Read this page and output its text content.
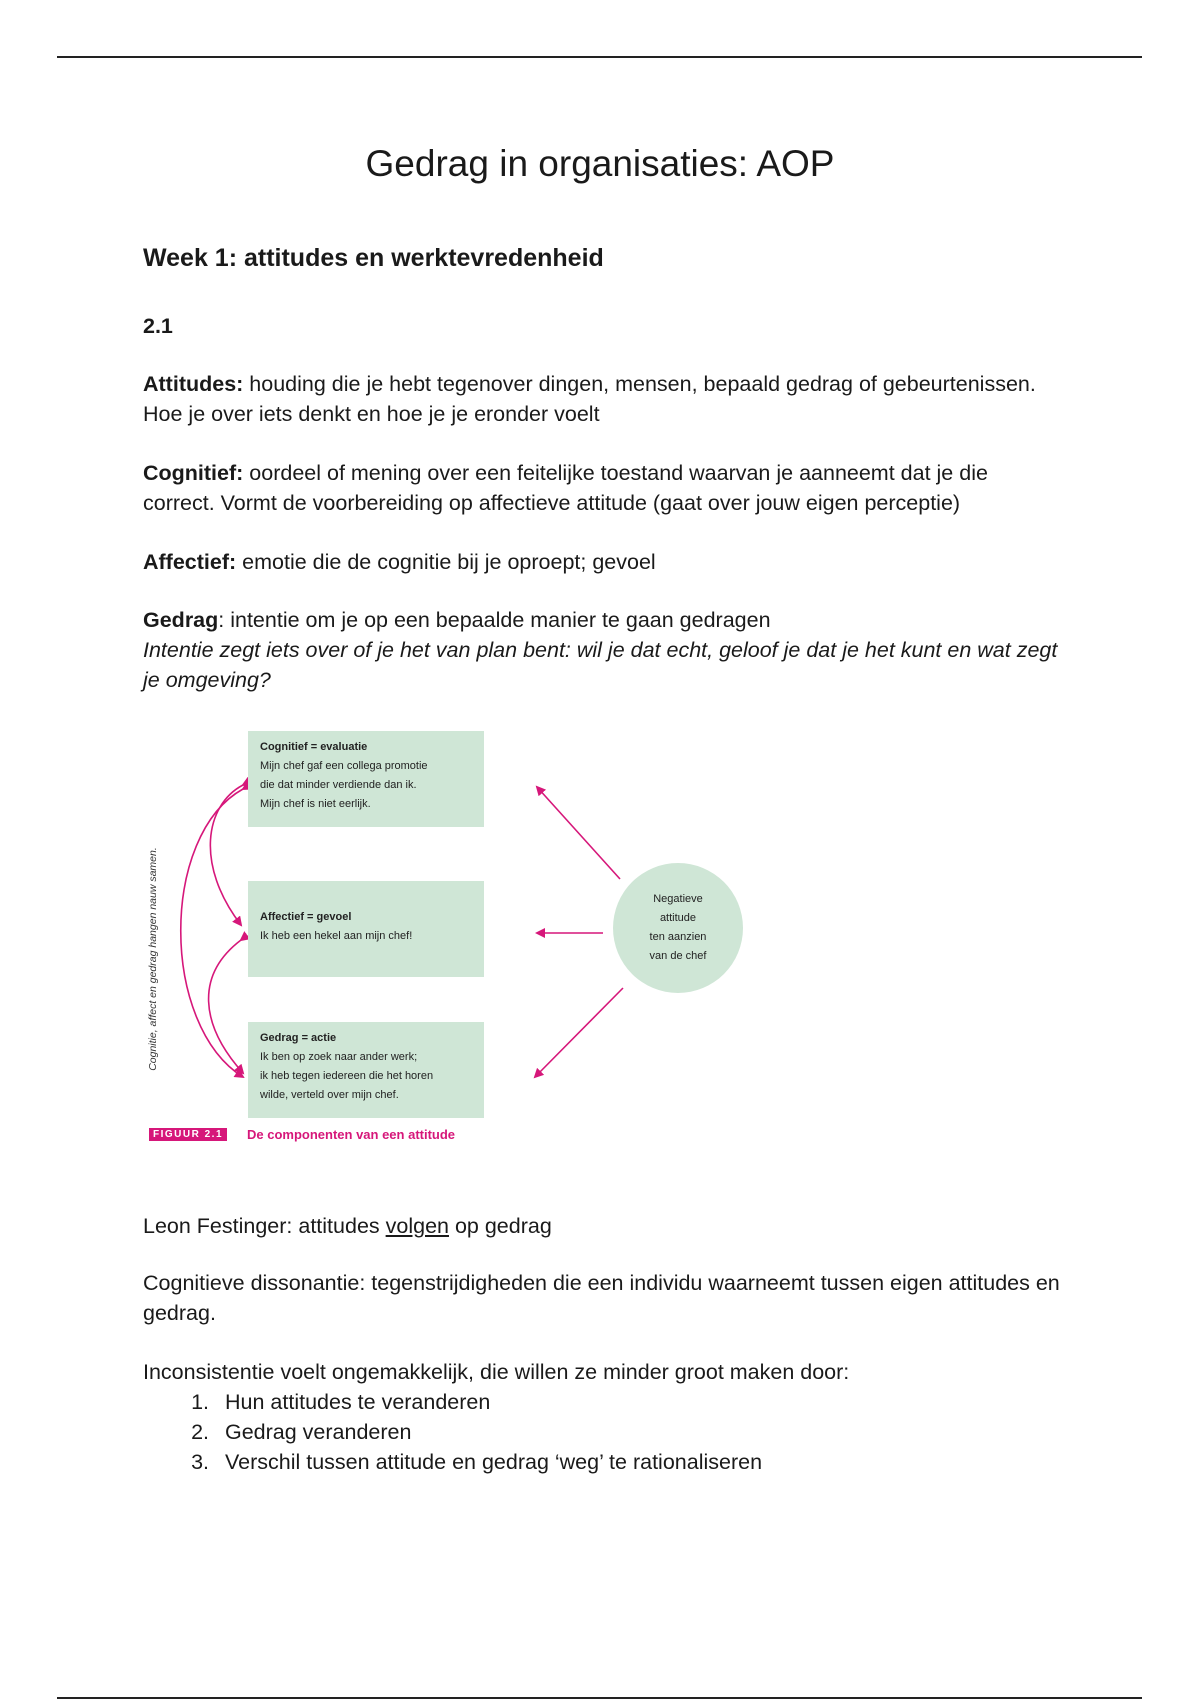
Gedrag in organisaties: AOP
Week 1: attitudes en werktevredenheid
2.1
Attitudes: houding die je hebt tegenover dingen, mensen, bepaald gedrag of gebeurtenissen. Hoe je over iets denkt en hoe je je eronder voelt
Cognitief: oordeel of mening over een feitelijke toestand waarvan je aanneemt dat je die correct. Vormt de voorbereiding op affectieve attitude (gaat over jouw eigen perceptie)
Affectief: emotie die de cognitie bij je oproept; gevoel
Gedrag: intentie om je op een bepaalde manier te gaan gedragen
Intentie zegt iets over of je het van plan bent: wil je dat echt, geloof je dat je het kunt en wat zegt je omgeving?
Cognitie, affect en gedrag hangen nauw samen.
Cognitief = evaluatie
Mijn chef gaf een collega promotie
die dat minder verdiende dan ik.
Mijn chef is niet eerlijk.
Affectief = gevoel
Ik heb een hekel aan mijn chef!
Gedrag = actie
Ik ben op zoek naar ander werk;
ik heb tegen iedereen die het horen
wilde, verteld over mijn chef.
Negatieve
attitude
ten aanzien
van de chef
FIGUUR 2.1	De componenten van een attitude
Leon Festinger: attitudes volgen op gedrag
Cognitieve dissonantie: tegenstrijdigheden die een individu waarneemt tussen eigen attitudes en gedrag.
Inconsistentie voelt ongemakkelijk, die willen ze minder groot maken door:
1. Hun attitudes te veranderen
2. Gedrag veranderen
3. Verschil tussen attitude en gedrag ‘weg’ te rationaliseren
